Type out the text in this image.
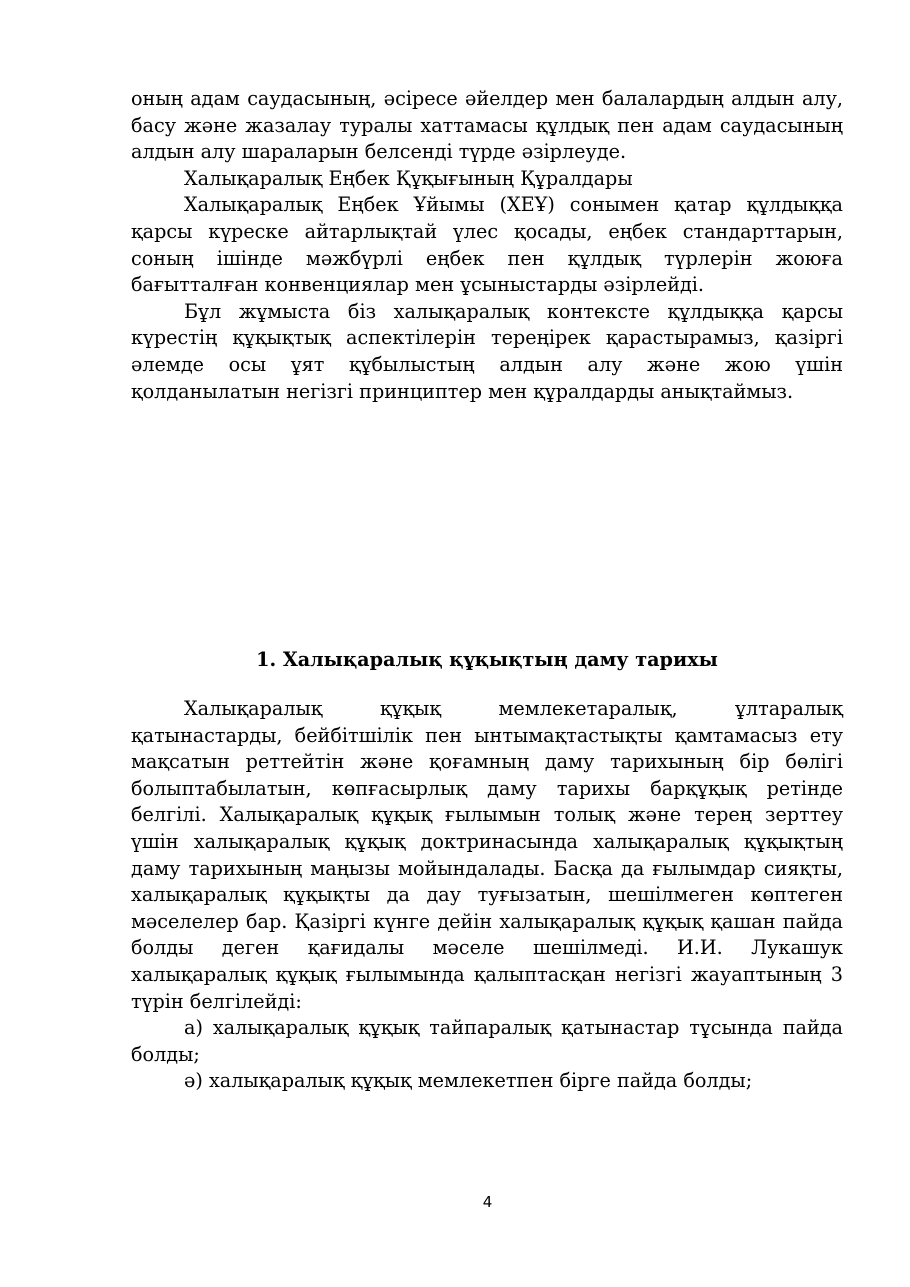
оның адам саудасының, әсіресе әйелдер мен балалардың алдын алу, басу және жазалау туралы хаттамасы құлдық пен адам саудасының алдын алу шараларын белсенді түрде әзірлеуде.

Халықаралық Еңбек Құқығының Құралдары

Халықаралық Еңбек Ұйымы (ХЕҰ) сонымен қатар құлдыққа қарсы күреске айтарлықтай үлес қосады, еңбек стандарттарын, соның ішінде мәжбүрлі еңбек пен құлдық түрлерін жоюға бағытталған конвенциялар мен ұсыныстарды әзірлейді.

Бұл жұмыста біз халықаралық контексте құлдыққа қарсы күрестің құқықтық аспектілерін тереңірек қарастырамыз, қазіргі әлемде осы ұят құбылыстың алдын алу және жою үшін қолданылатын негізгі принциптер мен құралдарды анықтаймыз.

1. Халықаралық құқықтың даму тарихы

Халықаралық құқық мемлекетаралық, ұлтаралық қатынастарды, бейбітшілік пен ынтымақтастықты қамтамасыз ету мақсатын реттейтін және қоғамның даму тарихының бір бөлігі болыптабылатын, көпғасырлық даму тарихы барқұқық ретінде белгілі. Халықаралық құқық ғылымын толық және терең зерттеу үшін халықаралық құқық доктринасында халықаралық құқықтың даму тарихының маңызы мойындалады. Басқа да ғылымдар сияқты, халықаралық құқықты да дау туғызатын, шешілмеген көптеген мәселелер бар. Қазіргі күнге дейін халықаралық құқық қашан пайда болды деген қағидалы мәселе шешілмеді. И.И. Лукашук халықаралық құқық ғылымында қалыптасқан негізгі жауаптының 3 түрін белгілейді:

а) халықаралық құқық тайпаралық қатынастар тұсында пайда болды;

ә) халықаралық құқық мемлекетпен бірге пайда болды;

4
